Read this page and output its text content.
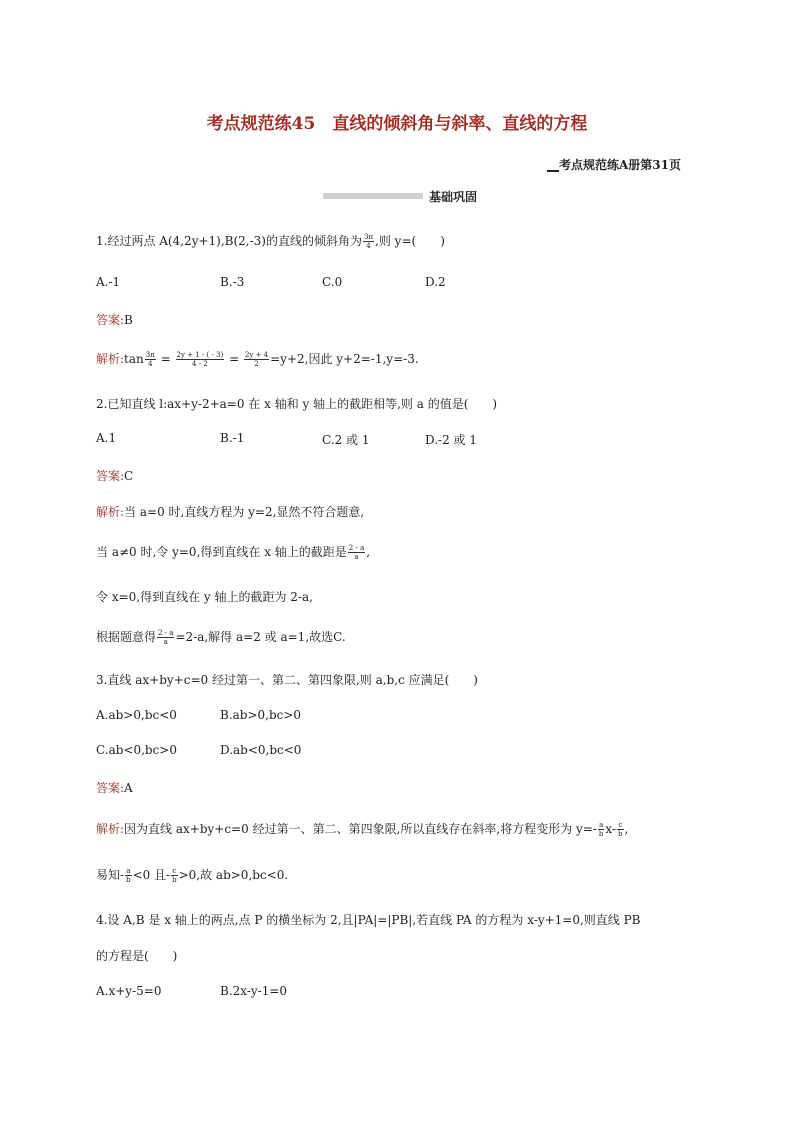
考点规范练45　直线的倾斜角与斜率、直线的方程
__考点规范练A册第31页
基础巩固
1.经过两点 A(4,2y+1),B(2,-3)的直线的倾斜角为 $\frac{3\pi}{4}$ ,则 y=(　　)
A.-1	B.-3	C.0	D.2
答案:B
解析:tan $\frac{3\pi}{4} = \frac{2y + 1 - ( - 3)}{4 - 2} = \frac{2y + 4}{2} =y+2$,因此 y+2=-1,y=-3.
2.已知直线 l:ax+y-2+a=0 在 x 轴和 y 轴上的截距相等,则 a 的值是(　　)
A.1	B.-1	C.2 或 1	D.-2 或 1
答案:C
解析:当 a=0 时,直线方程为 y=2,显然不符合题意,
当 a≠0 时,令 y=0,得到直线在 x 轴上的截距是 $\frac{2 - a}{a}$ ,
令 x=0,得到直线在 y 轴上的截距为 2-a,
根据题意得 $\frac{2 - a}{a} =2-a$,解得 a=2 或 a=1,故选C.
3.直线 ax+by+c=0 经过第一、第二、第四象限,则 a,b,c 应满足(　　)
A.ab>0,bc<0	B.ab>0,bc>0
C.ab<0,bc>0	D.ab<0,bc<0
答案:A
解析:因为直线 ax+by+c=0 经过第一、第二、第四象限,所以直线存在斜率,将方程变形为 $y=- \frac{a}{b} x- \frac{c}{b}$ ,
易知- $\frac{a}{b} <0$ 且- $\frac{c}{b} >0$,故 ab>0,bc<0.
4.设 A,B 是 x 轴上的两点,点 P 的横坐标为 2,且|PA|=|PB|,若直线 PA 的方程为 x-y+1=0,则直线 PB
的方程是(　　)
A.x+y-5=0	B.2x-y-1=0
